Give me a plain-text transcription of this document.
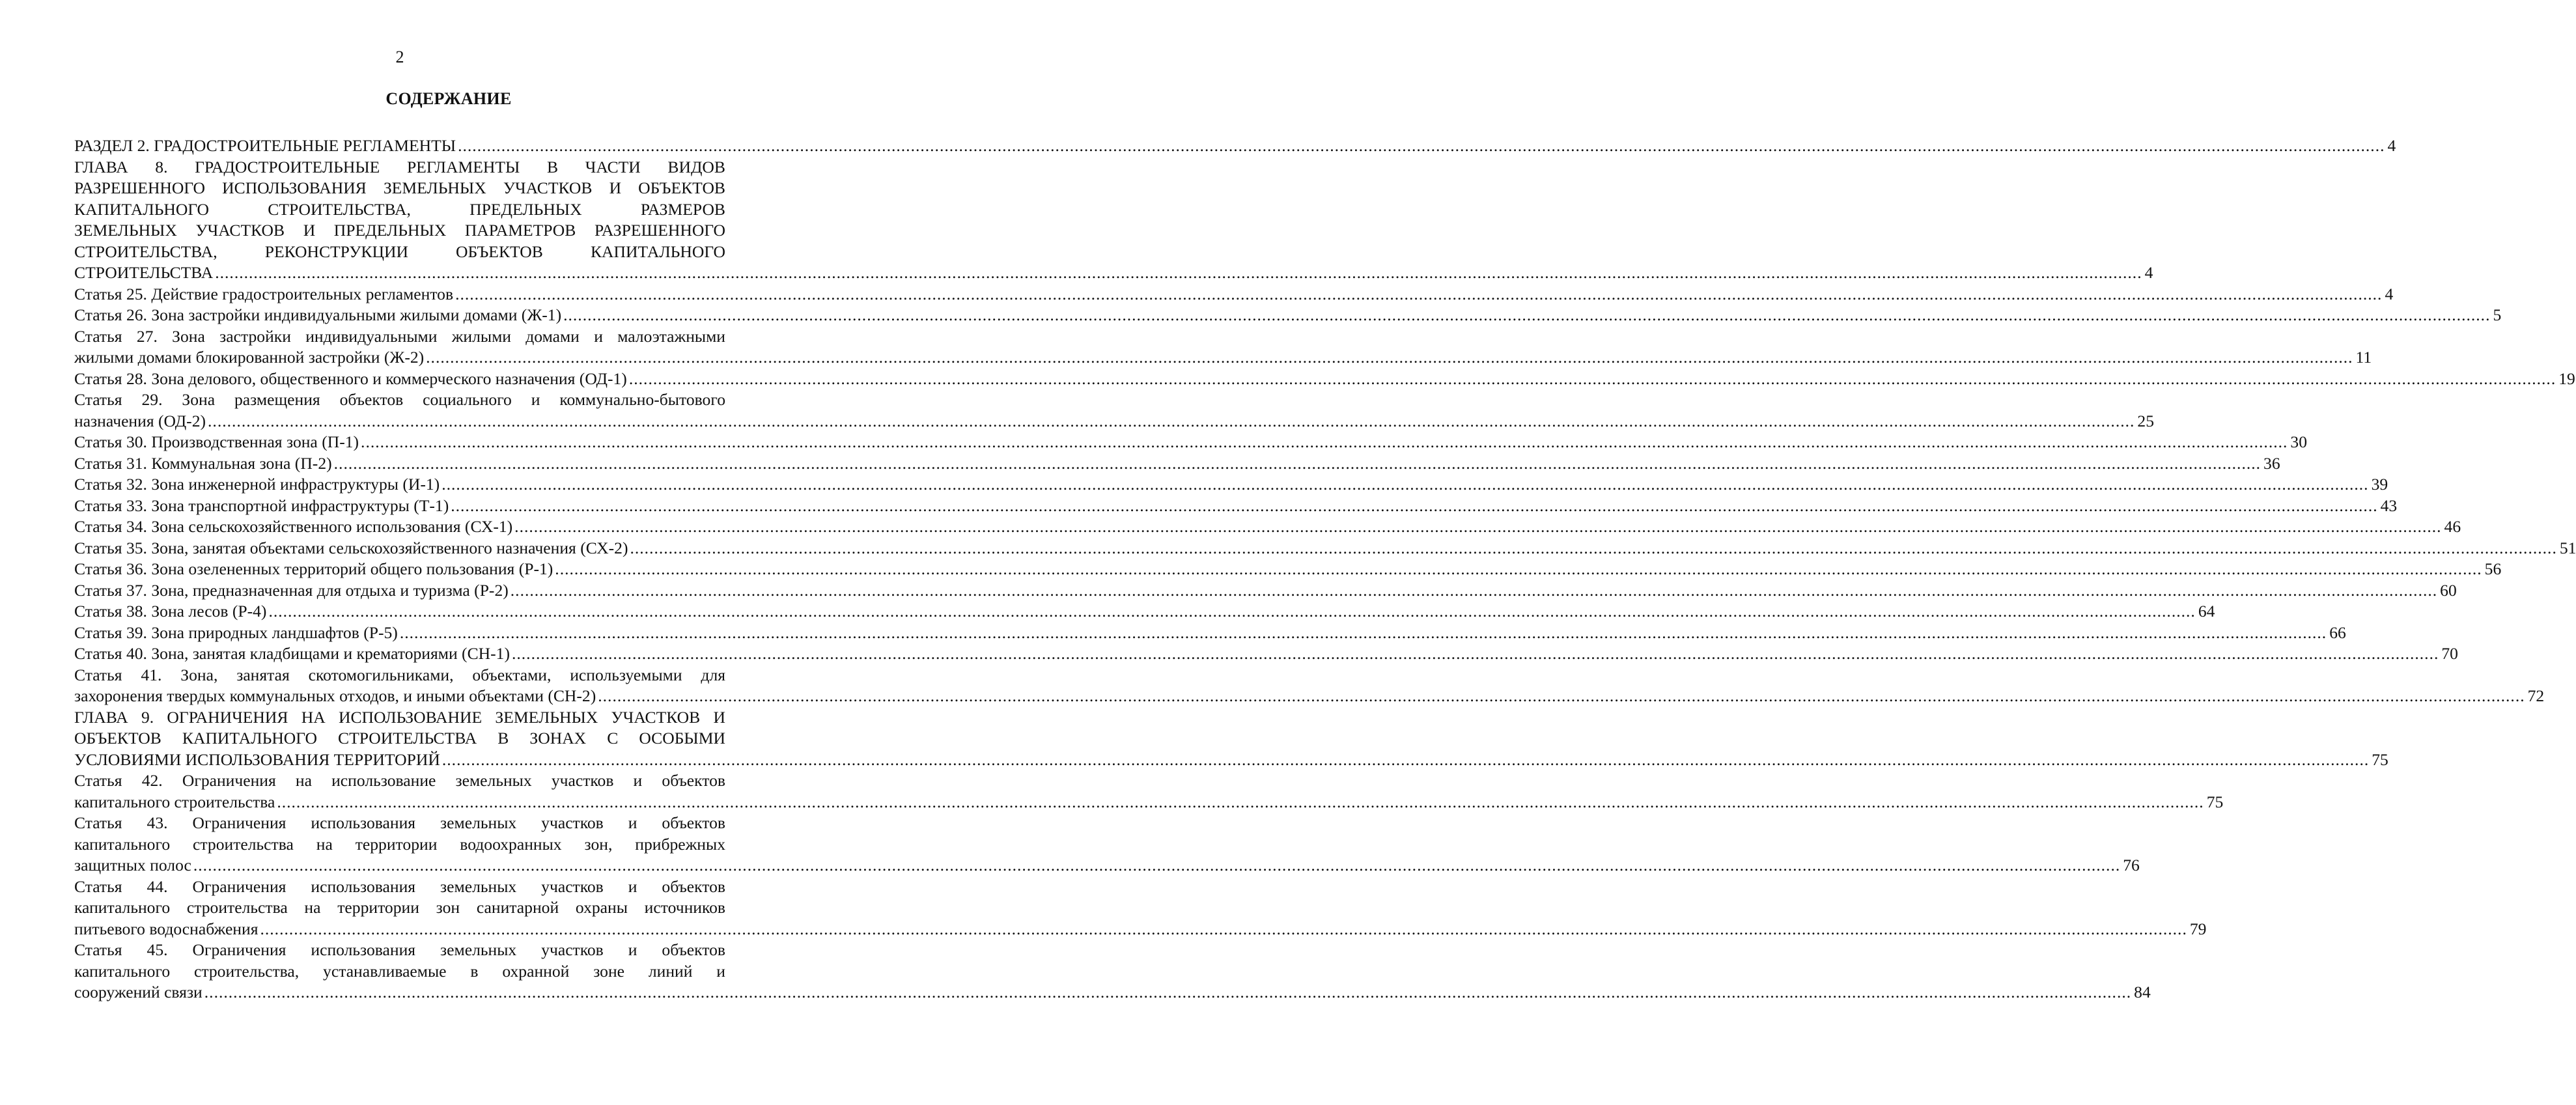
2
СОДЕРЖАНИЕ
РАЗДЕЛ 2. ГРАДОСТРОИТЕЛЬНЫЕ РЕГЛАМЕНТЫ ................................................................................................................................................................................................................................................................................................................................................................................................................ 4
ГЛАВА 8. ГРАДОСТРОИТЕЛЬНЫЕ РЕГЛАМЕНТЫ В ЧАСТИ ВИДОВ
РАЗРЕШЕННОГО ИСПОЛЬЗОВАНИЯ ЗЕМЕЛЬНЫХ УЧАСТКОВ И ОБЪЕКТОВ
КАПИТАЛЬНОГО СТРОИТЕЛЬСТВА, ПРЕДЕЛЬНЫХ РАЗМЕРОВ
ЗЕМЕЛЬНЫХ УЧАСТКОВ И ПРЕДЕЛЬНЫХ ПАРАМЕТРОВ РАЗРЕШЕННОГО
СТРОИТЕЛЬСТВА, РЕКОНСТРУКЦИИ ОБЪЕКТОВ КАПИТАЛЬНОГО
СТРОИТЕЛЬСТВА ................................................................................................................................................................................................................................................................................................................................................................................................................ 4
Статья 25. Действие градостроительных регламентов ................................................................................................................................................................................................................................................................................................................................................................................................................ 4
Статья 26. Зона застройки индивидуальными жилыми домами (Ж-1) ................................................................................................................................................................................................................................................................................................................................................................................................................ 5
Статья 27. Зона застройки индивидуальными жилыми домами и малоэтажными
жилыми домами блокированной застройки (Ж-2) ................................................................................................................................................................................................................................................................................................................................................................................................................ 11
Статья 28. Зона делового, общественного и коммерческого назначения (ОД-1) ................................................................................................................................................................................................................................................................................................................................................................................................................ 19
Статья 29. Зона размещения объектов социального и коммунально-бытового
назначения (ОД-2) ................................................................................................................................................................................................................................................................................................................................................................................................................ 25
Статья 30. Производственная зона (П-1) ................................................................................................................................................................................................................................................................................................................................................................................................................ 30
Статья 31. Коммунальная зона (П-2) ................................................................................................................................................................................................................................................................................................................................................................................................................ 36
Статья 32. Зона инженерной инфраструктуры (И-1) ................................................................................................................................................................................................................................................................................................................................................................................................................ 39
Статья 33. Зона транспортной инфраструктуры (Т-1) ................................................................................................................................................................................................................................................................................................................................................................................................................ 43
Статья 34. Зона сельскохозяйственного использования (СХ-1) ................................................................................................................................................................................................................................................................................................................................................................................................................ 46
Статья 35. Зона, занятая объектами сельскохозяйственного назначения (СХ-2) ................................................................................................................................................................................................................................................................................................................................................................................................................ 51
Статья 36. Зона озелененных территорий общего пользования (Р-1) ................................................................................................................................................................................................................................................................................................................................................................................................................ 56
Статья 37. Зона, предназначенная для отдыха и туризма (Р-2) ................................................................................................................................................................................................................................................................................................................................................................................................................ 60
Статья 38. Зона лесов (Р-4) ................................................................................................................................................................................................................................................................................................................................................................................................................ 64
Статья 39. Зона природных ландшафтов (Р-5) ................................................................................................................................................................................................................................................................................................................................................................................................................ 66
Статья 40. Зона, занятая кладбищами и крематориями (СН-1) ................................................................................................................................................................................................................................................................................................................................................................................................................ 70
Статья 41. Зона, занятая скотомогильниками, объектами, используемыми для
захоронения твердых коммунальных отходов, и иными объектами (СН-2) ................................................................................................................................................................................................................................................................................................................................................................................................................ 72
ГЛАВА 9. ОГРАНИЧЕНИЯ НА ИСПОЛЬЗОВАНИЕ ЗЕМЕЛЬНЫХ УЧАСТКОВ И
ОБЪЕКТОВ КАПИТАЛЬНОГО СТРОИТЕЛЬСТВА В ЗОНАХ С ОСОБЫМИ
УСЛОВИЯМИ ИСПОЛЬЗОВАНИЯ ТЕРРИТОРИЙ ................................................................................................................................................................................................................................................................................................................................................................................................................ 75
Статья 42. Ограничения на использование земельных участков и объектов
капитального строительства ................................................................................................................................................................................................................................................................................................................................................................................................................ 75
Статья 43. Ограничения использования земельных участков и объектов
капитального строительства на территории водоохранных зон, прибрежных
защитных полос ................................................................................................................................................................................................................................................................................................................................................................................................................ 76
Статья 44. Ограничения использования земельных участков и объектов
капитального строительства на территории зон санитарной охраны источников
питьевого водоснабжения ................................................................................................................................................................................................................................................................................................................................................................................................................ 79
Статья 45. Ограничения использования земельных участков и объектов
капитального строительства, устанавливаемые в охранной зоне линий и
сооружений связи ................................................................................................................................................................................................................................................................................................................................................................................................................ 84
